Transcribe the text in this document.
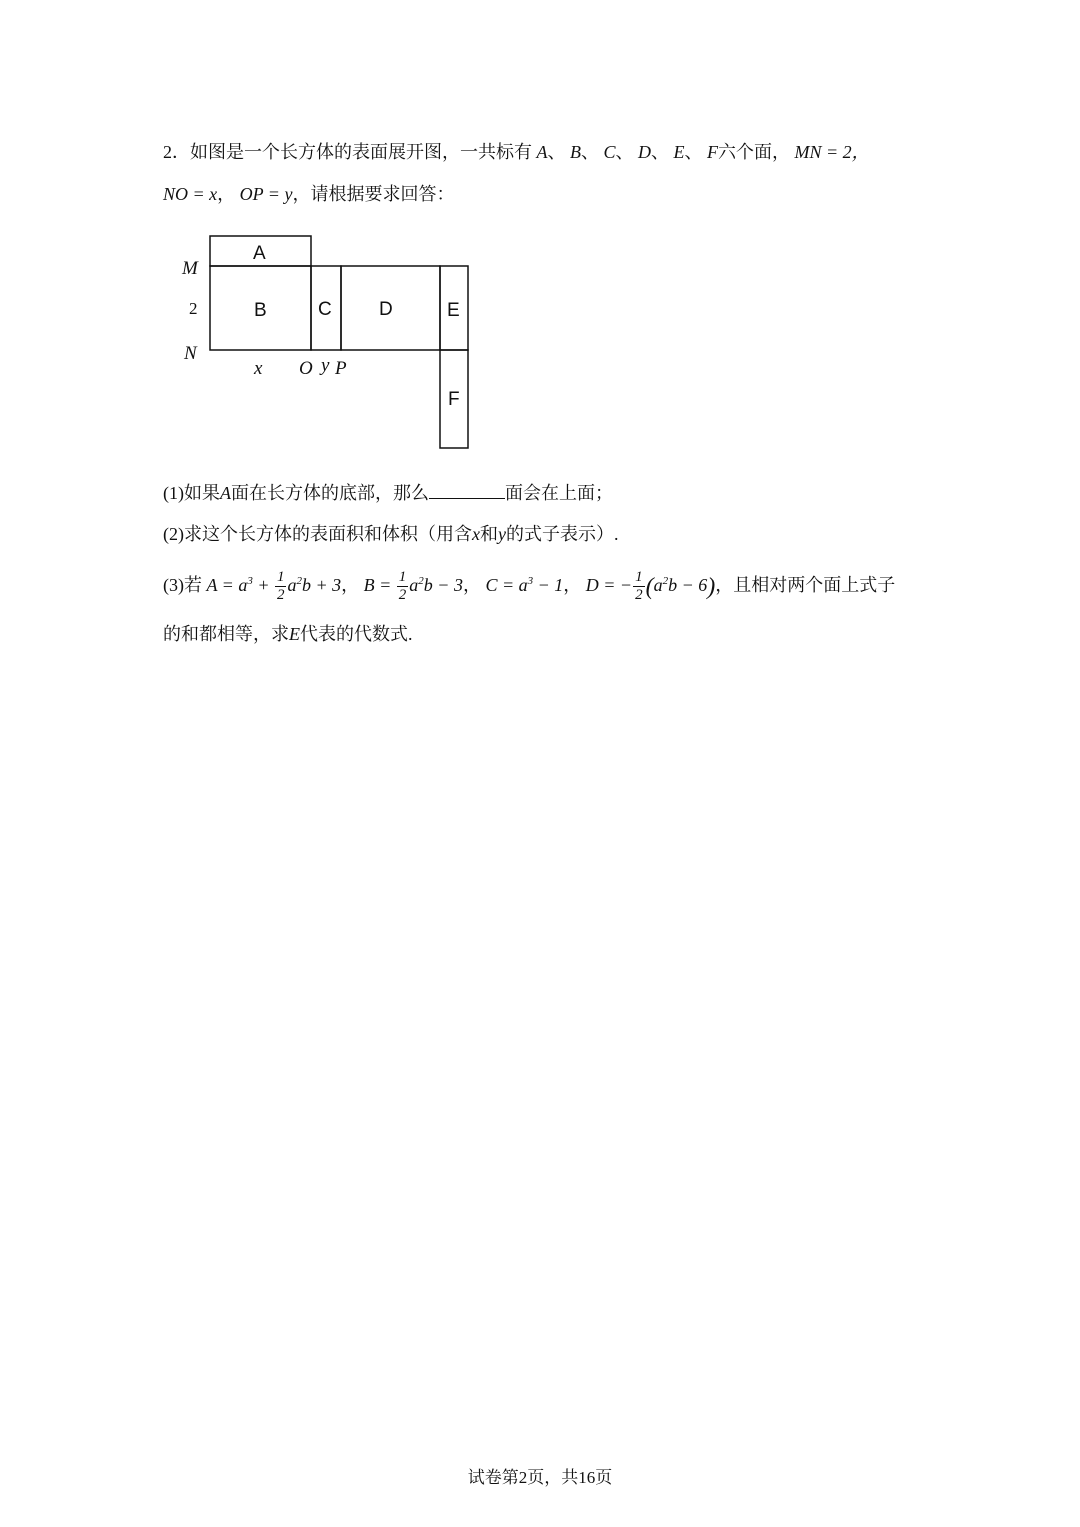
2．如图是一个长方体的表面展开图，一共标有 A、 B、 C、 D、 E、 F六个面， MN = 2，
NO = x， OP = y，请根据要求回答：
A
B	C D	E
F
M
2
N
x O y P
(1)如果A面在长方体的底部，那么	面会在上面；
(2)求这个长方体的表面积和体积（用含x和y的式子表示）.
(3)若 $A = a^3 + \frac{1}{2} a^2b + 3$， $B = \frac{1}{2} a^2b - 3$， $C = a^3 - 1$， D = − $\frac{1}{2} (a^2b - 6)$，且相对两个面上式子
的和都相等，求E代表的代数式.
试卷第2页，共16页
